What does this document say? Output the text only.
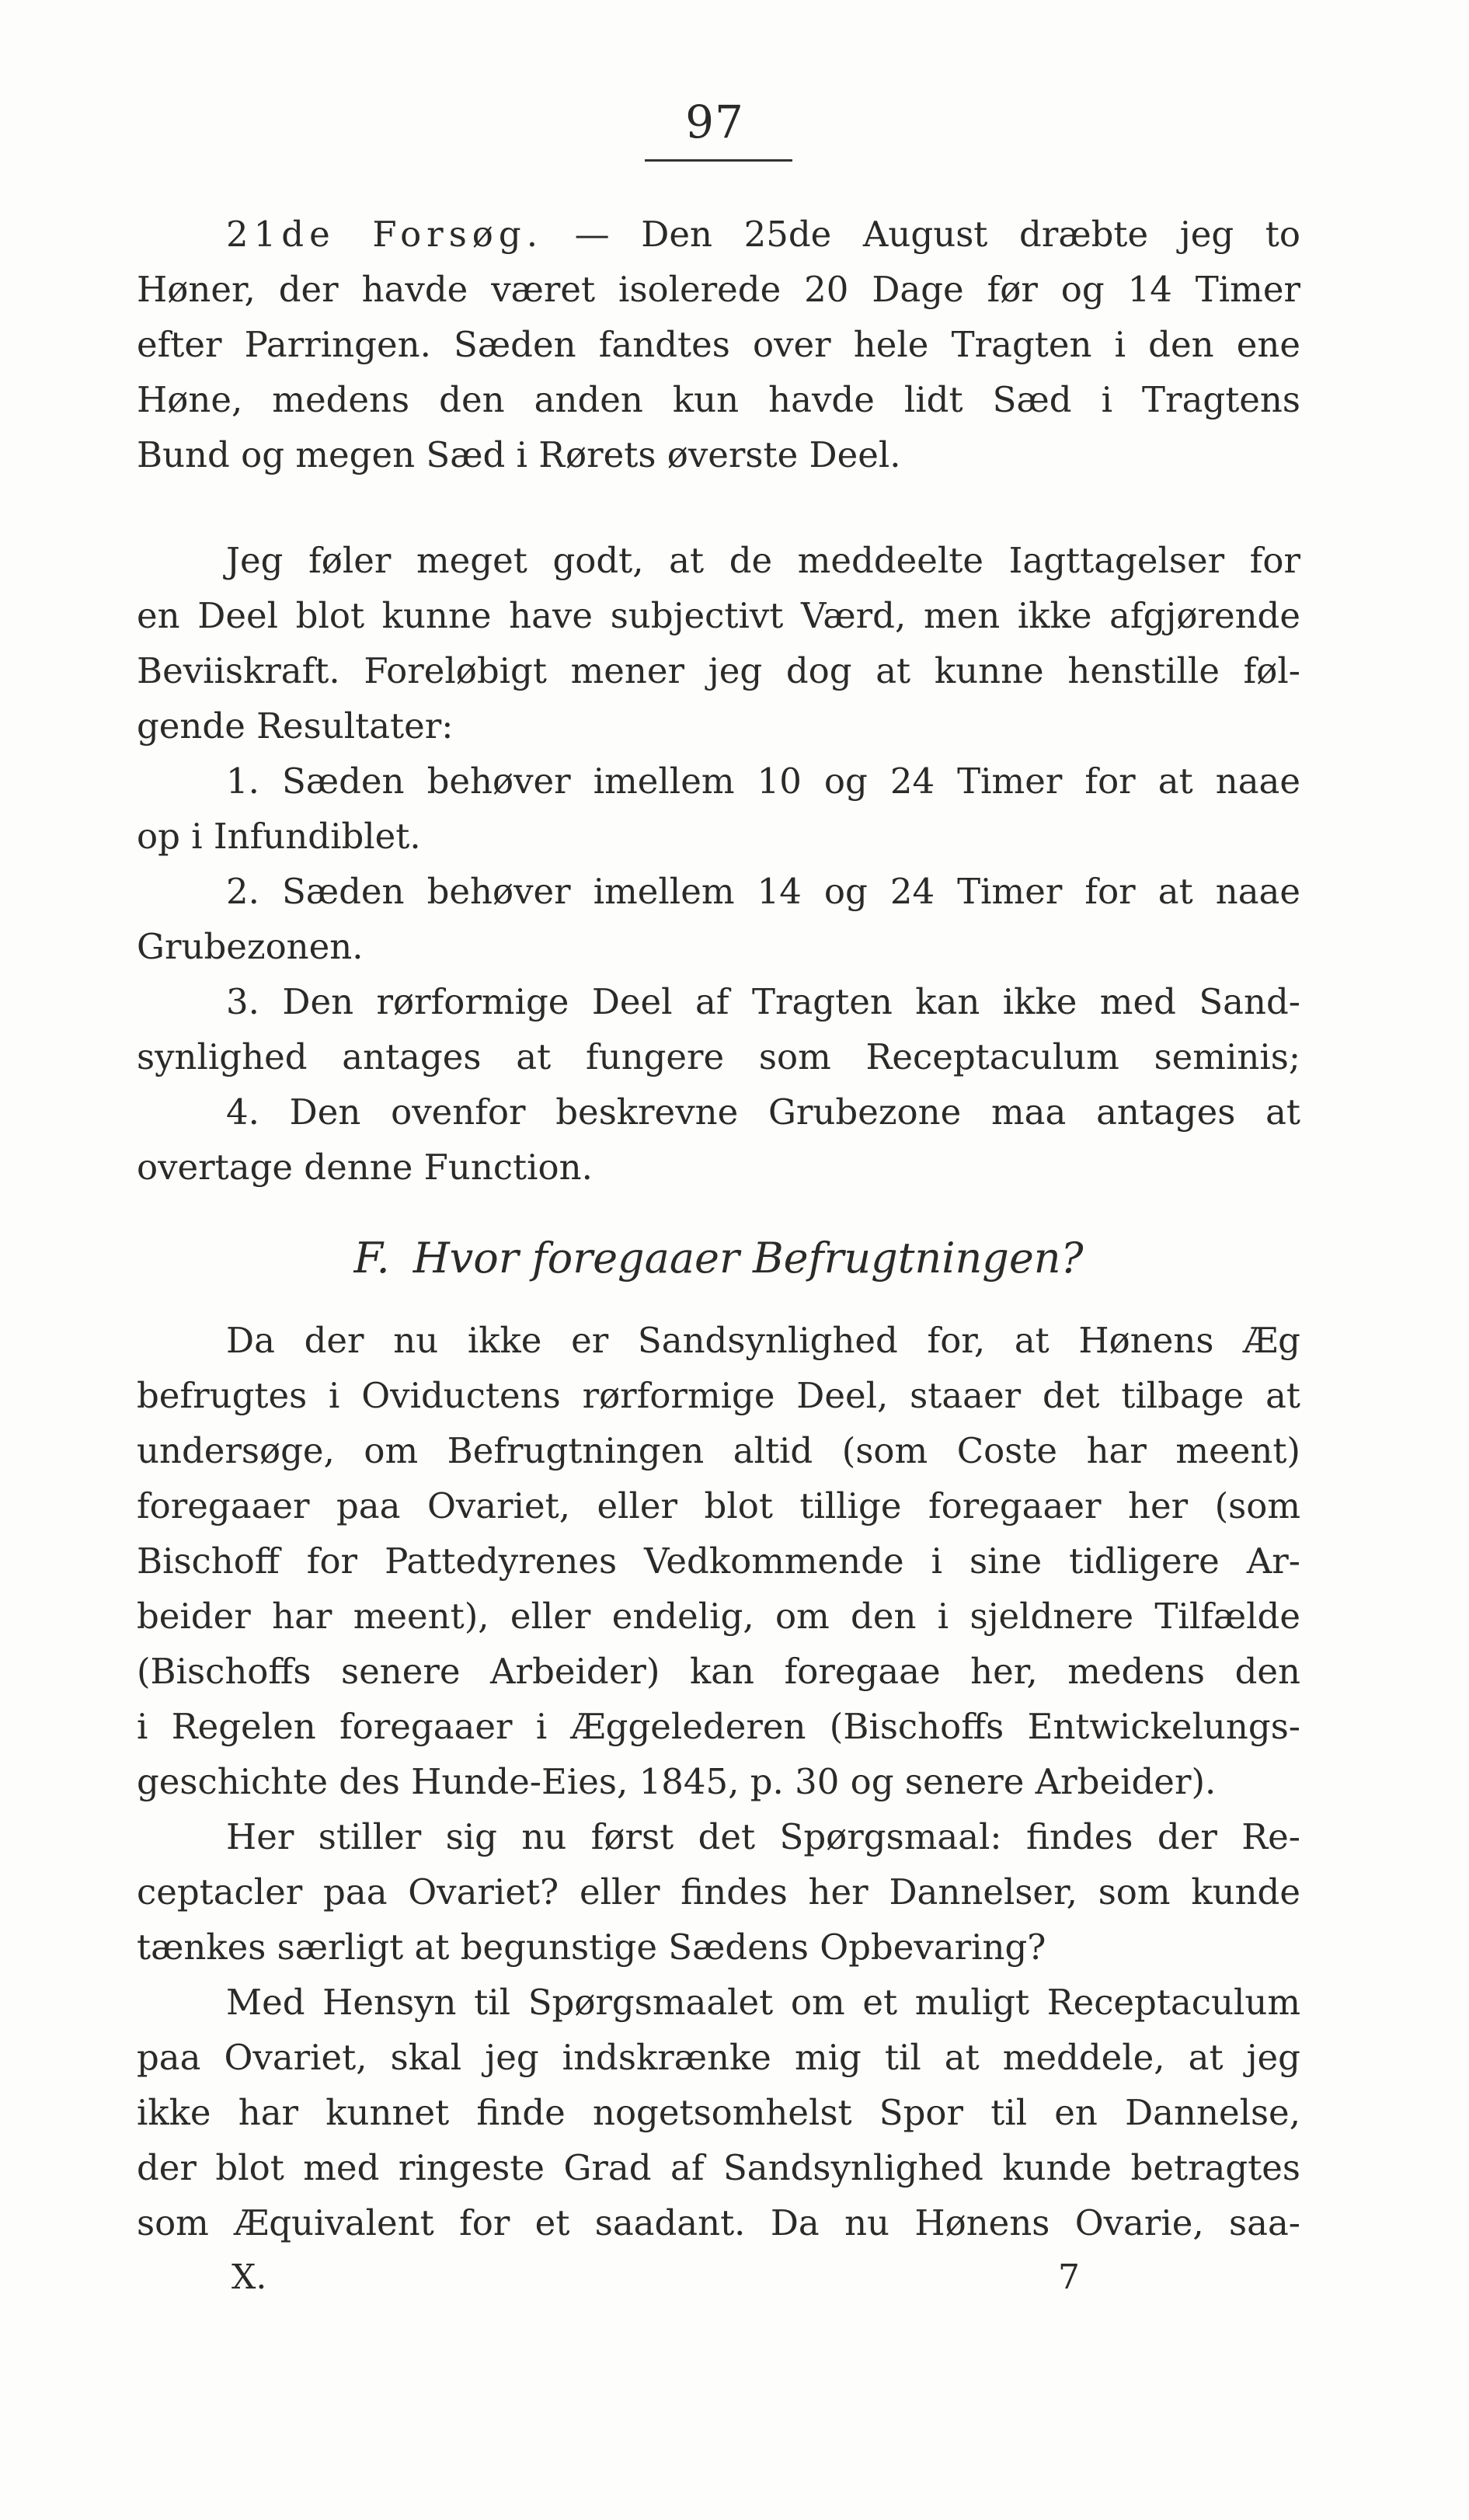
97
21de Forsøg. — Den 25de August dræbte jeg to
Høner, der havde været isolerede 20 Dage før og 14 Timer
efter Parringen. Sæden fandtes over hele Tragten i den ene
Høne, medens den anden kun havde lidt Sæd i Tragtens
Bund og megen Sæd i Rørets øverste Deel.
Jeg føler meget godt, at de meddeelte Iagttagelser for
en Deel blot kunne have subjectivt Værd, men ikke afgjørende
Beviiskraft. Foreløbigt mener jeg dog at kunne henstille føl-
gende Resultater:
1. Sæden behøver imellem 10 og 24 Timer for at naae
op i Infundiblet.
2. Sæden behøver imellem 14 og 24 Timer for at naae
Grubezonen.
3. Den rørformige Deel af Tragten kan ikke med Sand-
synlighed antages at fungere som Receptaculum seminis;
4. Den ovenfor beskrevne Grubezone maa antages at
overtage denne Function.
F. Hvor foregaaer Befrugtningen?
Da der nu ikke er Sandsynlighed for, at Hønens Æg
befrugtes i Oviductens rørformige Deel, staaer det tilbage at
undersøge, om Befrugtningen altid (som Coste har meent)
foregaaer paa Ovariet, eller blot tillige foregaaer her (som
Bischoff for Pattedyrenes Vedkommende i sine tidligere Ar-
beider har meent), eller endelig, om den i sjeldnere Tilfælde
(Bischoffs senere Arbeider) kan foregaae her, medens den
i Regelen foregaaer i Æggelederen (Bischoffs Entwickelungs-
geschichte des Hunde-Eies, 1845, p. 30 og senere Arbeider).
Her stiller sig nu først det Spørgsmaal: findes der Re-
ceptacler paa Ovariet? eller findes her Dannelser, som kunde
tænkes særligt at begunstige Sædens Opbevaring?
Med Hensyn til Spørgsmaalet om et muligt Receptaculum
paa Ovariet, skal jeg indskrænke mig til at meddele, at jeg
ikke har kunnet finde nogetsomhelst Spor til en Dannelse,
der blot med ringeste Grad af Sandsynlighed kunde betragtes
som Æquivalent for et saadant. Da nu Hønens Ovarie, saa-
X.	7
